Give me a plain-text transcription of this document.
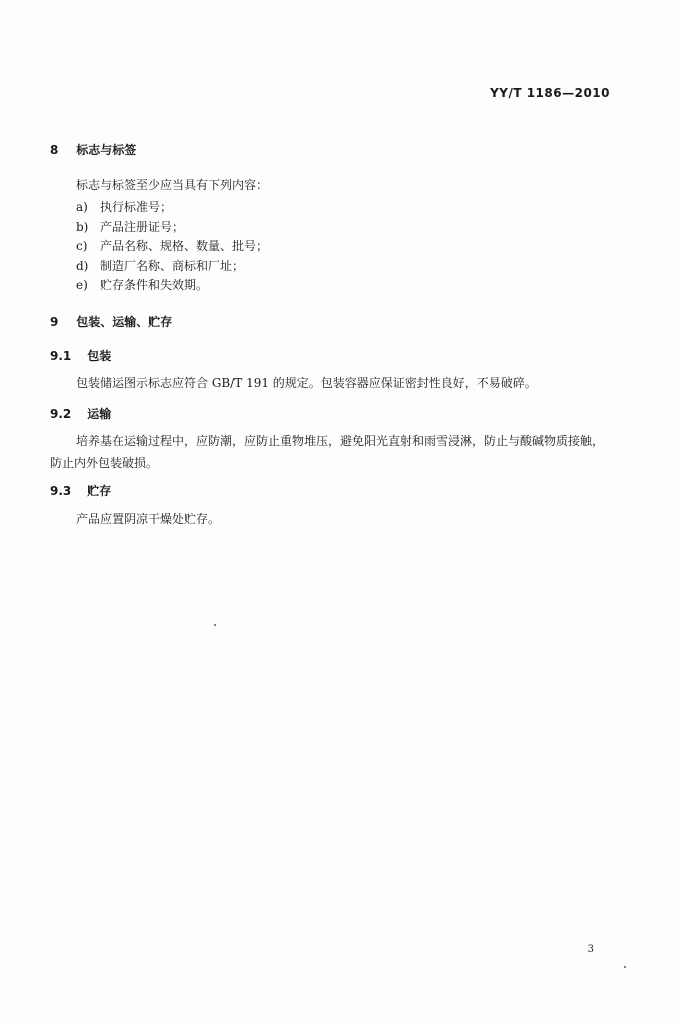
YY/T 1186—2010
8 标志与标签
标志与标签至少应当具有下列内容：
a) 执行标准号；
b) 产品注册证号；
c) 产品名称、规格、数量、批号；
d) 制造厂名称、商标和厂址；
e) 贮存条件和失效期。
9 包装、运输、贮存
9.1 包装
包装储运图示标志应符合 GB/T 191 的规定。包装容器应保证密封性良好，不易破碎。
9.2 运输
培养基在运输过程中，应防潮，应防止重物堆压，避免阳光直射和雨雪浸淋，防止与酸碱物质接触，防止内外包装破损。
9.3 贮存
产品应置阴凉干燥处贮存。
3
